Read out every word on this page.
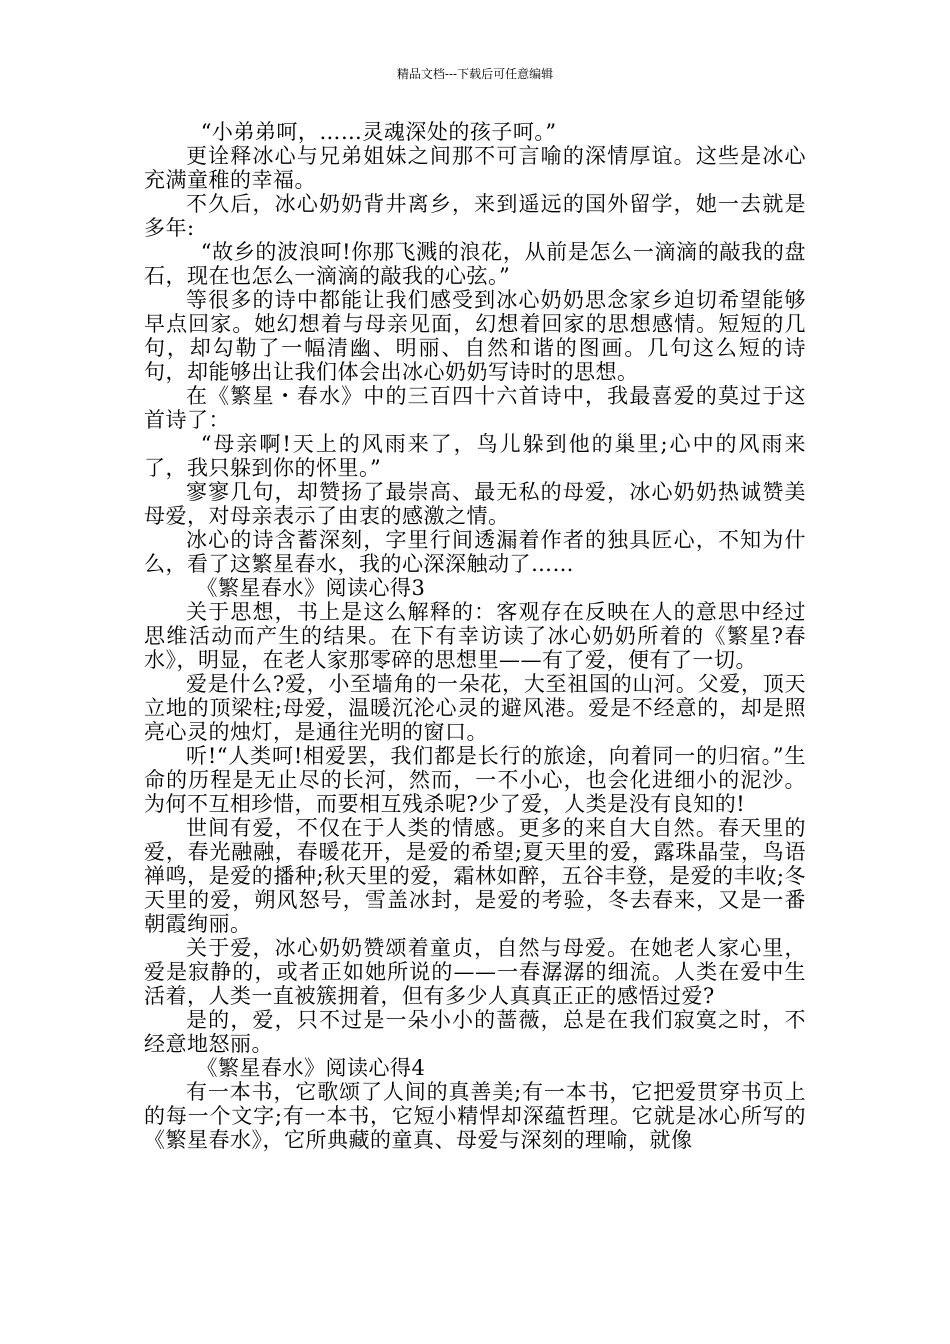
精品文档---下载后可任意编辑

“小弟弟呵，……灵魂深处的孩子呵。”

更诠释冰心与兄弟姐妹之间那不可言喻的深情厚谊。这些是冰心充满童稚的幸福。

不久后，冰心奶奶背井离乡，来到遥远的国外留学，她一去就是多年:

“故乡的波浪呵!你那飞溅的浪花，从前是怎么一滴滴的敲我的盘石，现在也怎么一滴滴的敲我的心弦。”

等很多的诗中都能让我们感受到冰心奶奶思念家乡迫切希望能够早点回家。她幻想着与母亲见面，幻想着回家的思想感情。短短的几句，却勾勒了一幅清幽、明丽、自然和谐的图画。几句这么短的诗句，却能够出让我们体会出冰心奶奶写诗时的思想。

在《繁星・春水》中的三百四十六首诗中，我最喜爱的莫过于这首诗了：

“母亲啊!天上的风雨来了，鸟儿躲到他的巢里;心中的风雨来了，我只躲到你的怀里。”

寥寥几句，却赞扬了最崇高、最无私的母爱，冰心奶奶热诚赞美母爱，对母亲表示了由衷的感激之情。

冰心的诗含蓄深刻，字里行间透漏着作者的独具匠心，不知为什么，看了这繁星春水，我的心深深触动了……

《繁星春水》阅读心得3

关于思想，书上是这么解释的：客观存在反映在人的意思中经过思维活动而产生的结果。在下有幸访读了冰心奶奶所着的《繁星?春水》，明显，在老人家那零碎的思想里——有了爱，便有了一切。

爱是什么?爱，小至墙角的一朵花，大至祖国的山河。父爱，顶天立地的顶梁柱;母爱，温暖沉沦心灵的避风港。爱是不经意的，却是照亮心灵的烛灯，是通往光明的窗口。

听!“人类呵!相爱罢，我们都是长行的旅途，向着同一的归宿。”生命的历程是无止尽的长河，然而，一不小心，也会化进细小的泥沙。为何不互相珍惜，而要相互残杀呢?少了爱，人类是没有良知的!

世间有爱，不仅在于人类的情感。更多的来自大自然。春天里的爱，春光融融，春暖花开，是爱的希望;夏天里的爱，露珠晶莹，鸟语禅鸣，是爱的播种;秋天里的爱，霜林如醉，五谷丰登，是爱的丰收;冬天里的爱，朔风怒号，雪盖冰封，是爱的考验，冬去春来，又是一番朝霞绚丽。

关于爱，冰心奶奶赞颂着童贞，自然与母爱。在她老人家心里，爱是寂静的，或者正如她所说的——一春潺潺的细流。人类在爱中生活着，人类一直被簇拥着，但有多少人真真正正的感悟过爱?

是的，爱，只不过是一朵小小的蔷薇，总是在我们寂寞之时，不经意地怒丽。

《繁星春水》阅读心得4

有一本书，它歌颂了人间的真善美;有一本书，它把爱贯穿书页上的每一个文字;有一本书，它短小精悍却深蕴哲理。它就是冰心所写的《繁星春水》，它所典藏的童真、母爱与深刻的理喻，就像
